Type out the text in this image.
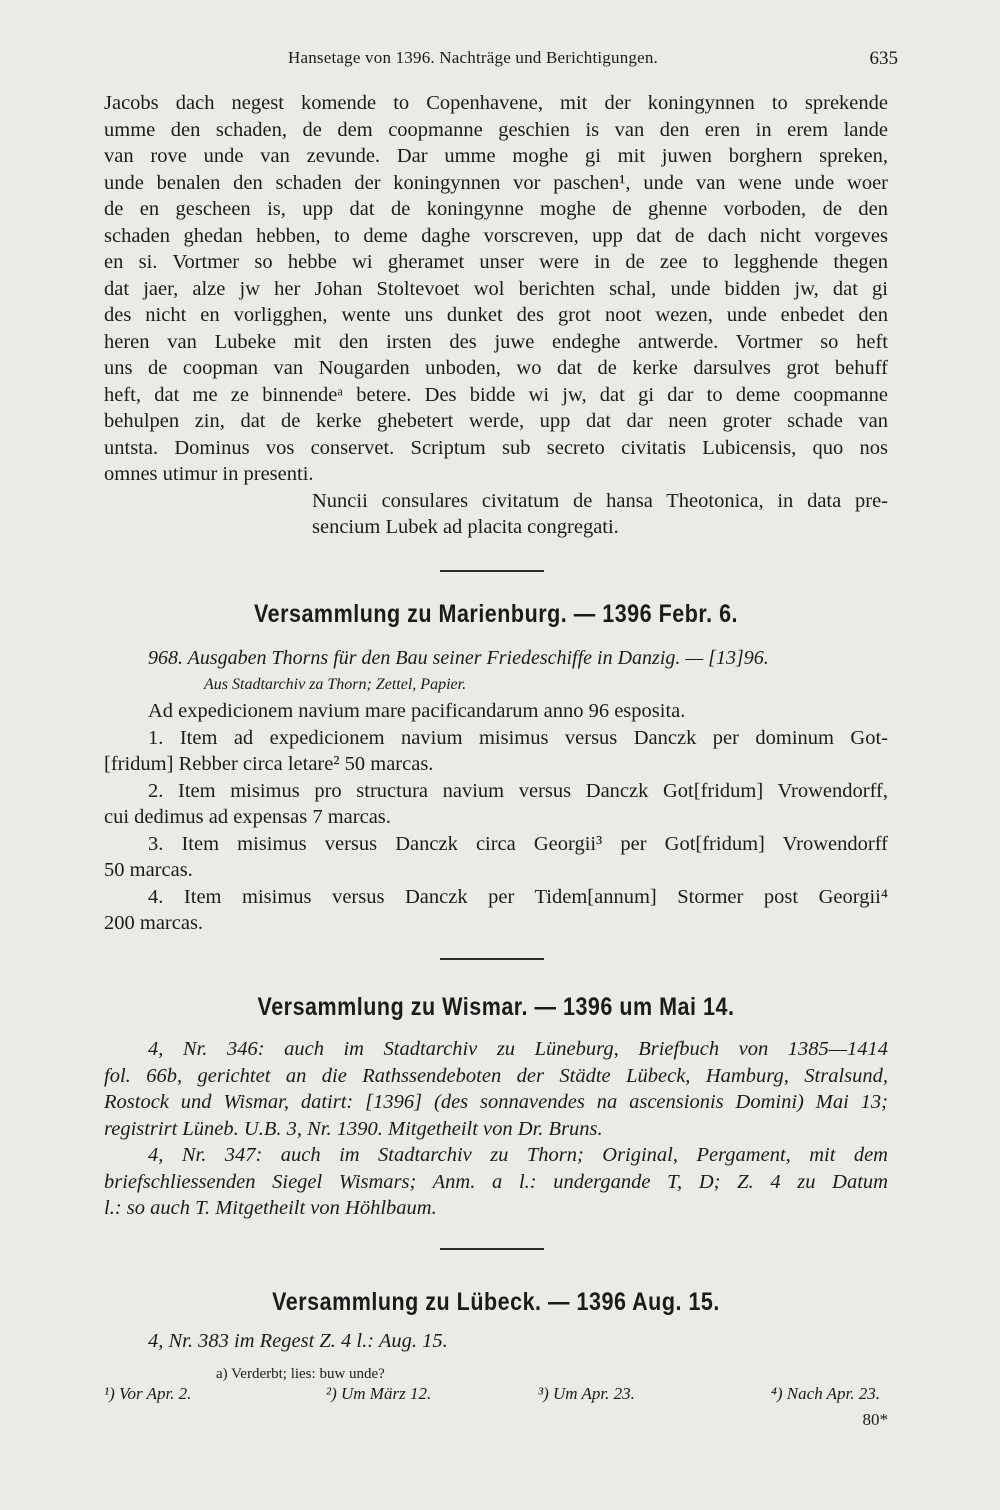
Hansetage von 1396. Nachträge und Berichtigungen.	635
Jacobs dach negest komende to Copenhavene, mit der koningynnen to sprekende
umme den schaden, de dem coopmanne geschien is van den eren in erem lande
van rove unde van zevunde. Dar umme moghe gi mit juwen borghern spreken,
unde benalen den schaden der koningynnen vor paschen¹, unde van wene unde woer
de en gescheen is, upp dat de koningynne moghe de ghenne vorboden, de den
schaden ghedan hebben, to deme daghe vorscreven, upp dat de dach nicht vorgeves
en si. Vortmer so hebbe wi gheramet unser were in de zee to legghende thegen
dat jaer, alze jw her Johan Stoltevoet wol berichten schal, unde bidden jw, dat gi
des nicht en vorligghen, wente uns dunket des grot noot wezen, unde enbedet den
heren van Lubeke mit den irsten des juwe endeghe antwerde. Vortmer so heft
uns de coopman van Nougarden unboden, wo dat de kerke darsulves grot behuff
heft, dat me ze binnendeᵃ betere. Des bidde wi jw, dat gi dar to deme coopmanne
behulpen zin, dat de kerke ghebetert werde, upp dat dar neen groter schade van
untsta. Dominus vos conservet. Scriptum sub secreto civitatis Lubicensis, quo nos
omnes utimur in presenti.
Nuncii consulares civitatum de hansa Theotonica, in data pre-
sencium Lubek ad placita congregati.
Versammlung zu Marienburg. — 1396 Febr. 6.
968. Ausgaben Thorns für den Bau seiner Friedeschiffe in Danzig. — [13]96.
Aus Stadtarchiv za Thorn; Zettel, Papier.
Ad expedicionem navium mare pacificandarum anno 96 esposita.
1. Item ad expedicionem navium misimus versus Danczk per dominum Got-
[fridum] Rebber circa letare² 50 marcas.
2. Item misimus pro structura navium versus Danczk Got[fridum] Vrowendorff,
cui dedimus ad expensas 7 marcas.
3. Item misimus versus Danczk circa Georgii³ per Got[fridum] Vrowendorff
50 marcas.
4. Item misimus versus Danczk per Tidem[annum] Stormer post Georgii⁴
200 marcas.
Versammlung zu Wismar. — 1396 um Mai 14.
4, Nr. 346: auch im Stadtarchiv zu Lüneburg, Briefbuch von 1385—1414
fol. 66b, gerichtet an die Rathssendeboten der Städte Lübeck, Hamburg, Stralsund,
Rostock und Wismar, datirt: [1396] (des sonnavendes na ascensionis Domini) Mai 13;
registrirt Lüneb. U.B. 3, Nr. 1390. Mitgetheilt von Dr. Bruns.
4, Nr. 347: auch im Stadtarchiv zu Thorn; Original, Pergament, mit dem
briefschliessenden Siegel Wismars; Anm. a l.: undergande T, D; Z. 4 zu Datum
l.: so auch T. Mitgetheilt von Höhlbaum.
Versammlung zu Lübeck. — 1396 Aug. 15.
4, Nr. 383 im Regest Z. 4 l.: Aug. 15.
a) Verderbt; lies: buw unde?
¹) Vor Apr. 2.	²) Um März 12.	³) Um Apr. 23.	⁴) Nach Apr. 23.
80*
